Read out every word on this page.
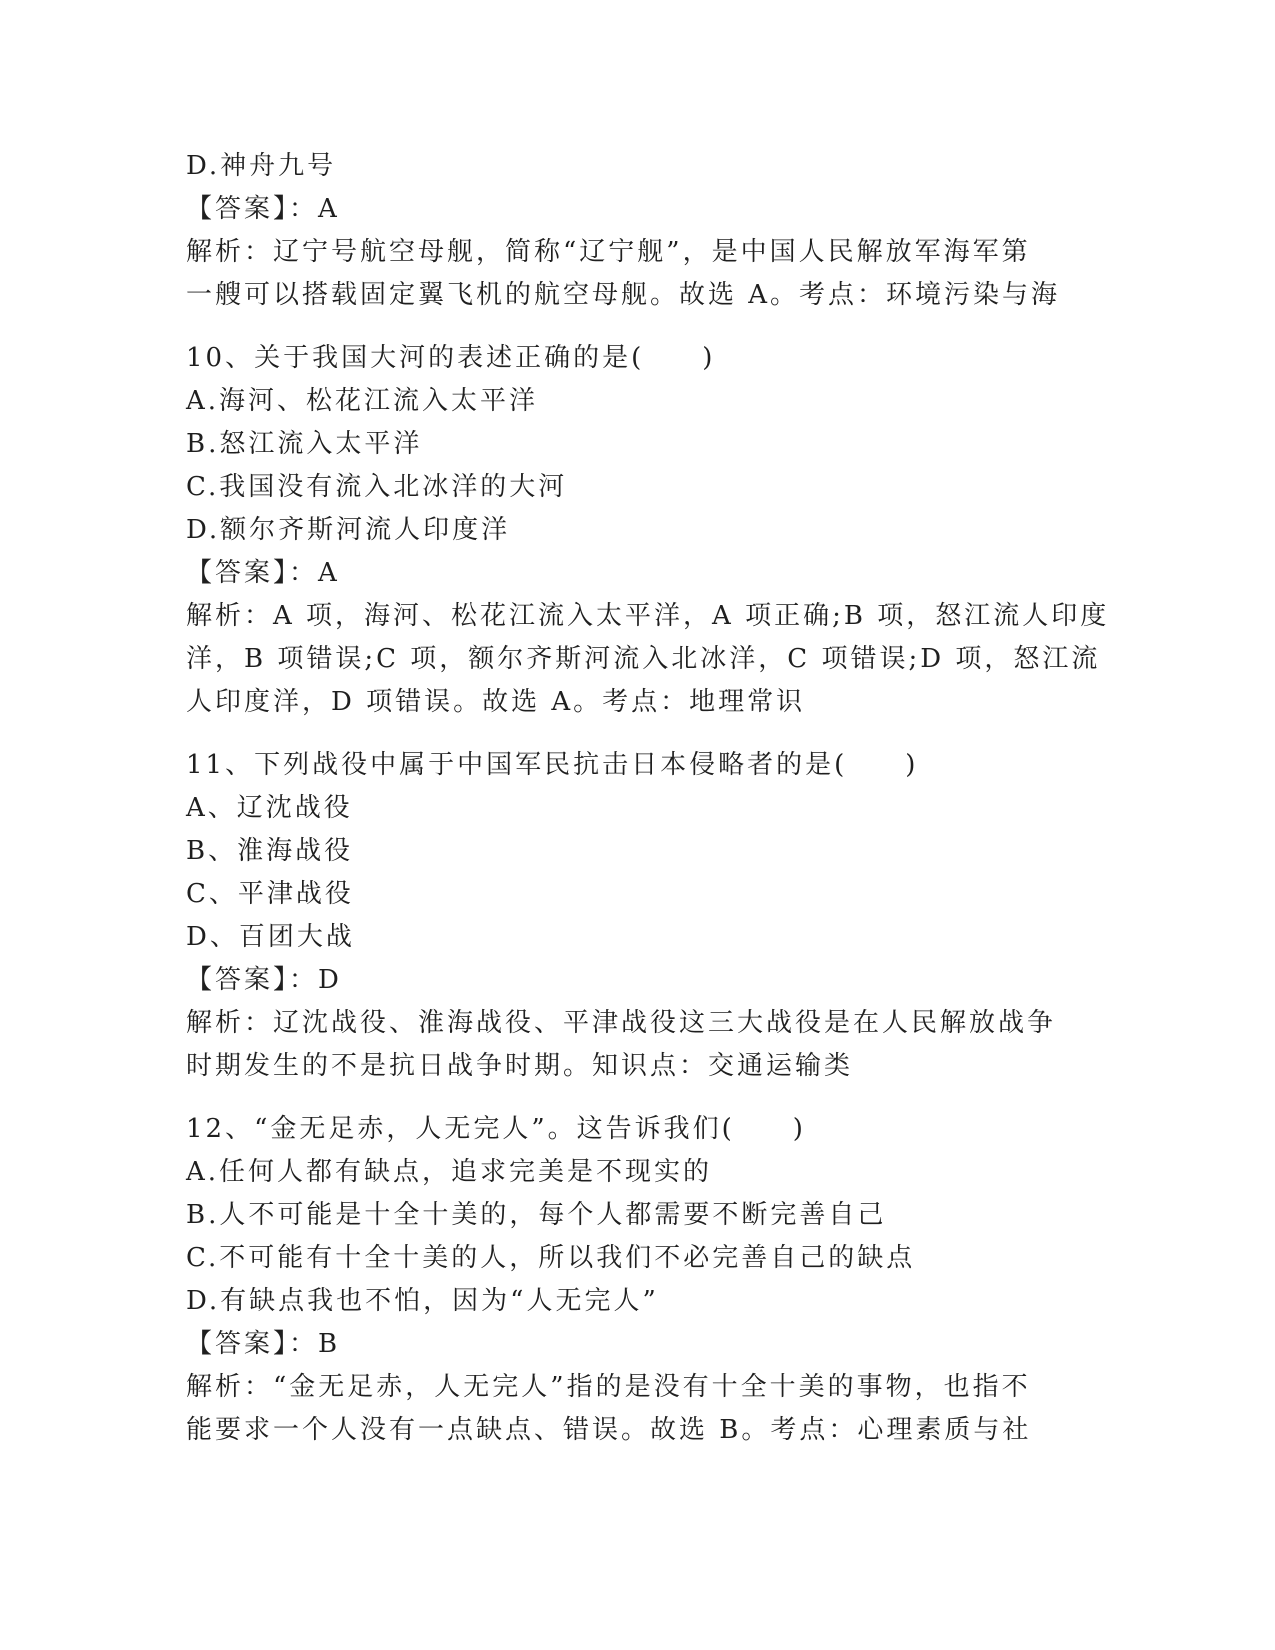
D.神舟九号
【答案】：A
解析：辽宁号航空母舰，简称“辽宁舰”，是中国人民解放军海军第
一艘可以搭载固定翼飞机的航空母舰。故选 A。考点：环境污染与海
10、关于我国大河的表述正确的是(　　)
A.海河、松花江流入太平洋
B.怒江流入太平洋
C.我国没有流入北冰洋的大河
D.额尔齐斯河流人印度洋
【答案】：A
解析：A 项，海河、松花江流入太平洋，A 项正确;B 项，怒江流人印度
洋，B 项错误;C 项，额尔齐斯河流入北冰洋，C 项错误;D 项，怒江流
人印度洋，D 项错误。故选 A。考点：地理常识
11、下列战役中属于中国军民抗击日本侵略者的是(　　)
A、辽沈战役
B、淮海战役
C、平津战役
D、百团大战
【答案】：D
解析：辽沈战役、淮海战役、平津战役这三大战役是在人民解放战争
时期发生的不是抗日战争时期。知识点：交通运输类
12、“金无足赤，人无完人”。这告诉我们(　　)
A.任何人都有缺点，追求完美是不现实的
B.人不可能是十全十美的，每个人都需要不断完善自己
C.不可能有十全十美的人，所以我们不必完善自己的缺点
D.有缺点我也不怕，因为“人无完人”
【答案】：B
解析：“金无足赤，人无完人”指的是没有十全十美的事物，也指不
能要求一个人没有一点缺点、错误。故选 B。考点：心理素质与社
